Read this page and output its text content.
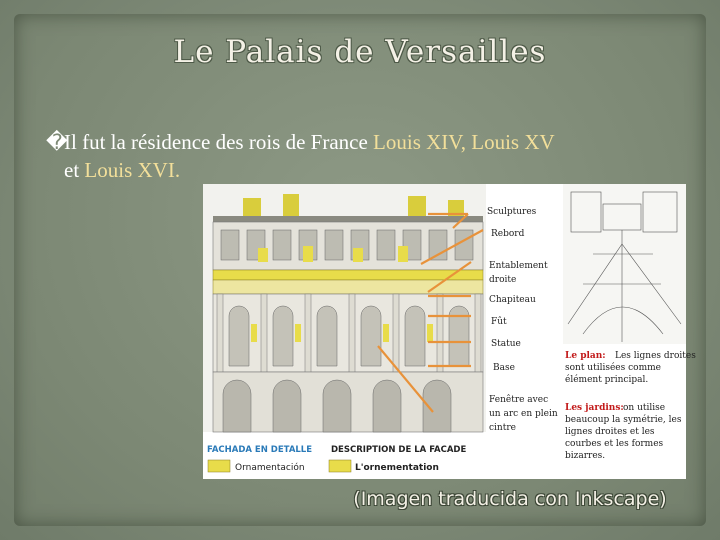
Le Palais de Versailles
�Il fut la résidence des rois de France Louis XIV, Louis XV
et Louis XVI.
Sculptures
Rebord
Entablement
droite
Chapiteau
Fût
Statue
Base
Fenêtre avec
un arc en plein
cintre
Le plan: Les lignes droites
sont utilisées comme
élément principal.
Les jardins: on utilise
beaucoup la symétrie, les
lignes droites et les
courbes et les formes
bizarres.
FACHADA EN DETALLE DESCRIPTION DE LA FACADE
Ornamentación	L'ornementation
(Imagen traducida con Inkscape)
